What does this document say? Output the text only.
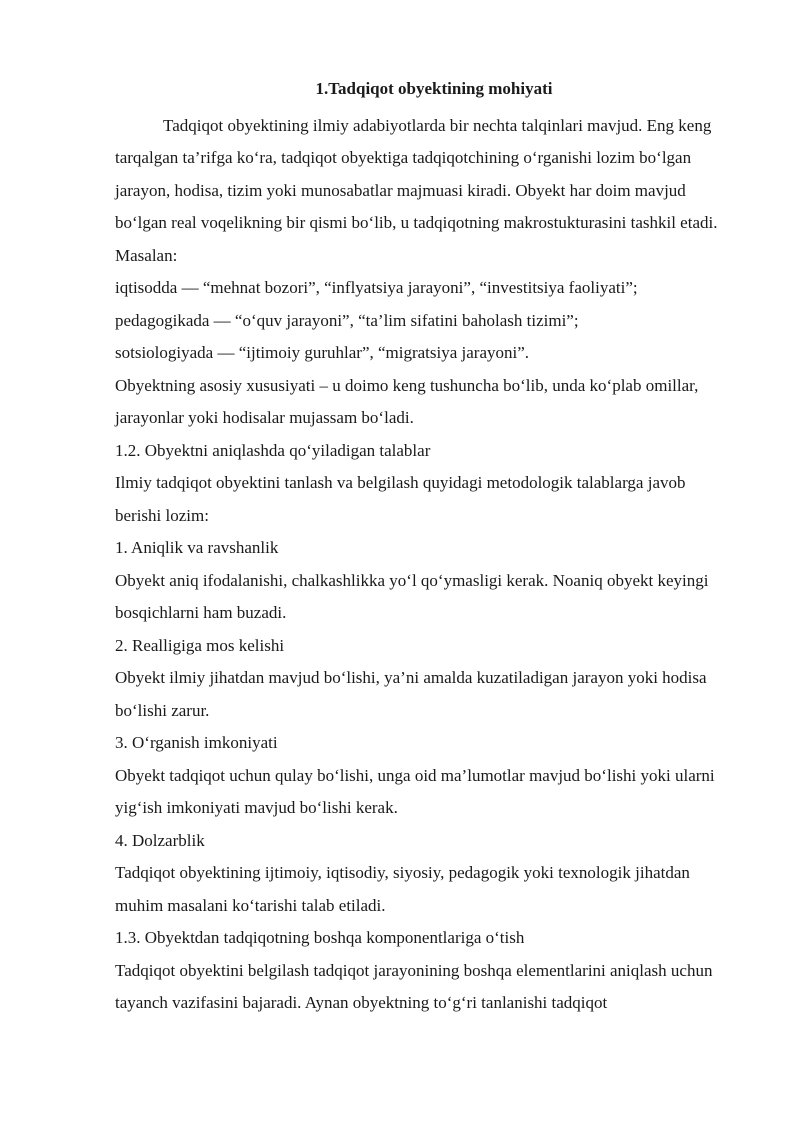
1.Tadqiqot obyektining mohiyati

Tadqiqot obyektining ilmiy adabiyotlarda bir nechta talqinlari mavjud. Eng keng tarqalgan ta’rifga ko‘ra, tadqiqot obyektiga tadqiqotchining o‘rganishi lozim bo‘lgan jarayon, hodisa, tizim yoki munosabatlar majmuasi kiradi. Obyekt har doim mavjud bo‘lgan real voqelikning bir qismi bo‘lib, u tadqiqotning makrostukturasini tashkil etadi.

Masalan:

iqtisodda — “mehnat bozori”, “inflyatsiya jarayoni”, “investitsiya faoliyati”;

pedagogikada — “o‘quv jarayoni”, “ta’lim sifatini baholash tizimi”;

sotsiologiyada — “ijtimoiy guruhlar”, “migratsiya jarayoni”.

Obyektning asosiy xususiyati – u doimo keng tushuncha bo‘lib, unda ko‘plab omillar, jarayonlar yoki hodisalar mujassam bo‘ladi.

1.2. Obyektni aniqlashda qo‘yiladigan talablar

Ilmiy tadqiqot obyektini tanlash va belgilash quyidagi metodologik talablarga javob berishi lozim:

1. Aniqlik va ravshanlik

Obyekt aniq ifodalanishi, chalkashlikka yo‘l qo‘ymasligi kerak. Noaniq obyekt keyingi bosqichlarni ham buzadi.

2. Realligiga mos kelishi

Obyekt ilmiy jihatdan mavjud bo‘lishi, ya’ni amalda kuzatiladigan jarayon yoki hodisa bo‘lishi zarur.

3. O‘rganish imkoniyati

Obyekt tadqiqot uchun qulay bo‘lishi, unga oid ma’lumotlar mavjud bo‘lishi yoki ularni yig‘ish imkoniyati mavjud bo‘lishi kerak.

4. Dolzarblik

Tadqiqot obyektining ijtimoiy, iqtisodiy, siyosiy, pedagogik yoki texnologik jihatdan muhim masalani ko‘tarishi talab etiladi.

1.3. Obyektdan tadqiqotning boshqa komponentlariga o‘tish

Tadqiqot obyektini belgilash tadqiqot jarayonining boshqa elementlarini aniqlash uchun tayanch vazifasini bajaradi. Aynan obyektning to‘g‘ri tanlanishi tadqiqot
